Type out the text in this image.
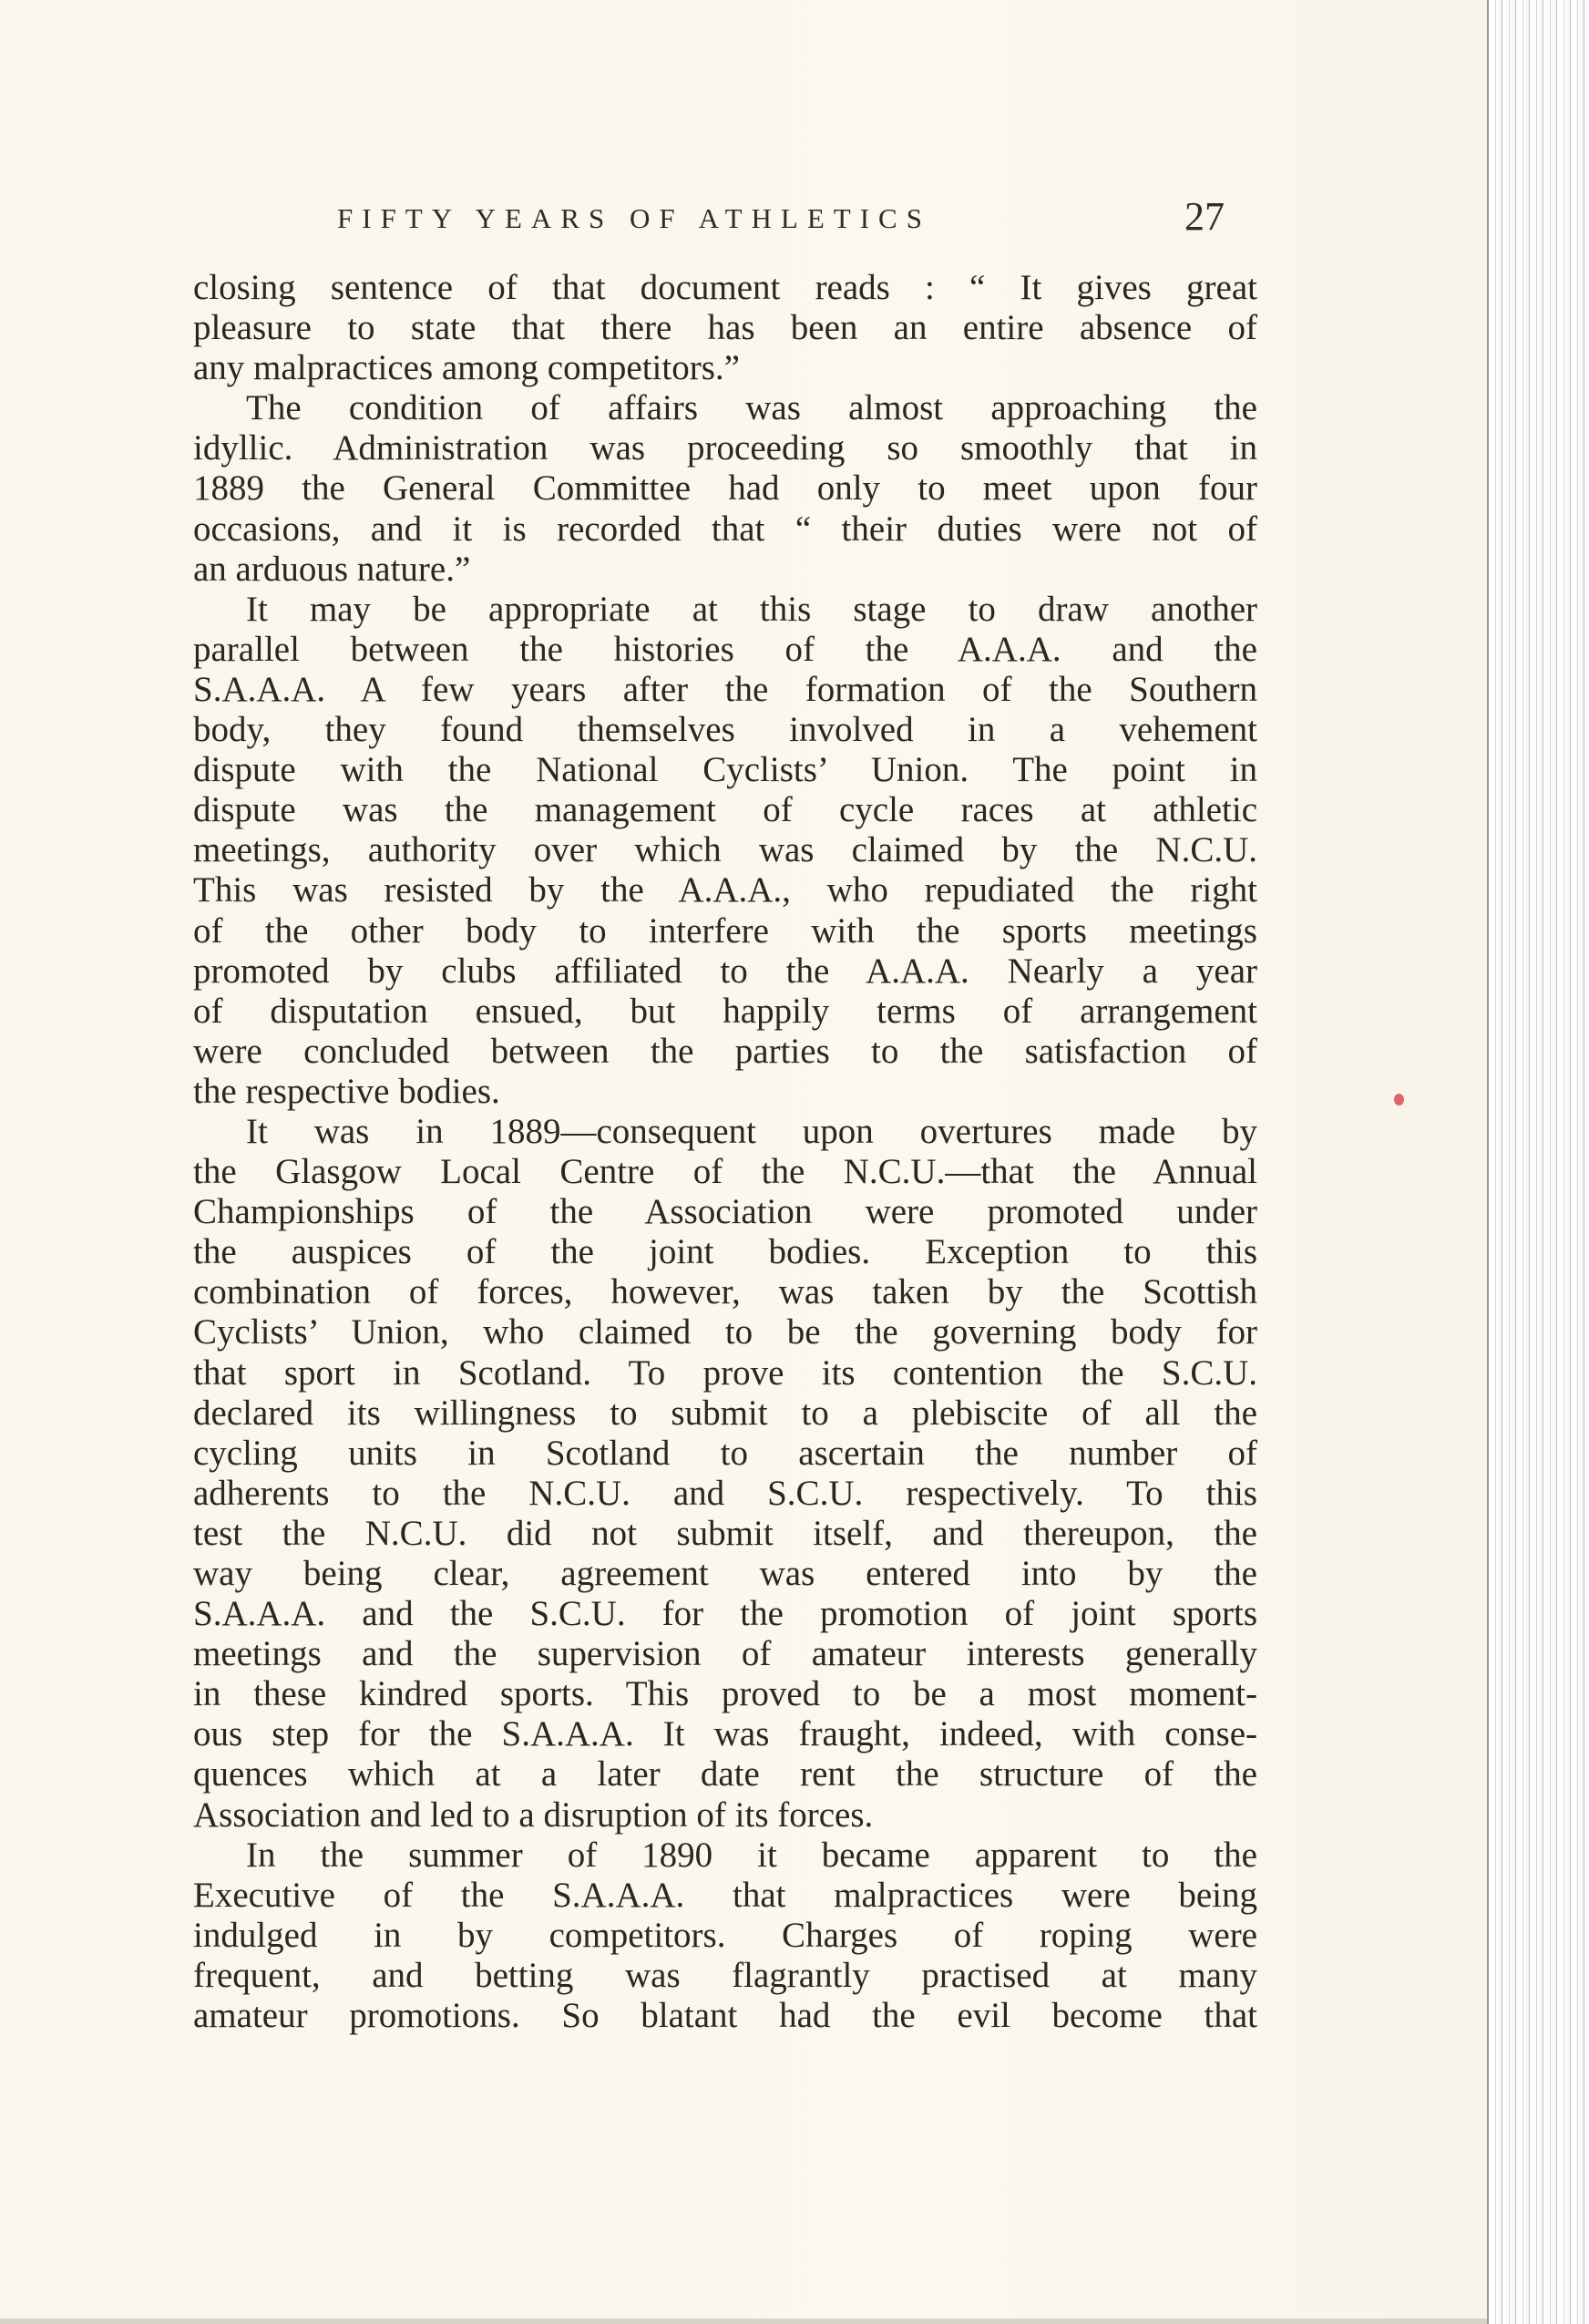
FIFTY YEARS OF ATHLETICS	27
closing sentence of that document reads : “ It gives great
pleasure to state that there has been an entire absence of
any malpractices among competitors.”
The condition of affairs was almost approaching the
idyllic. Administration was proceeding so smoothly that in
1889 the General Committee had only to meet upon four
occasions, and it is recorded that “ their duties were not of
an arduous nature.”
It may be appropriate at this stage to draw another
parallel between the histories of the A.A.A. and the
S.A.A.A. A few years after the formation of the Southern
body, they found themselves involved in a vehement
dispute with the National Cyclists’ Union. The point in
dispute was the management of cycle races at athletic
meetings, authority over which was claimed by the N.C.U.
This was resisted by the A.A.A., who repudiated the right
of the other body to interfere with the sports meetings
promoted by clubs affiliated to the A.A.A. Nearly a year
of disputation ensued, but happily terms of arrangement
were concluded between the parties to the satisfaction of
the respective bodies.
It was in 1889—consequent upon overtures made by
the Glasgow Local Centre of the N.C.U.—that the Annual
Championships of the Association were promoted under
the auspices of the joint bodies. Exception to this
combination of forces, however, was taken by the Scottish
Cyclists’ Union, who claimed to be the governing body for
that sport in Scotland. To prove its contention the S.C.U.
declared its willingness to submit to a plebiscite of all the
cycling units in Scotland to ascertain the number of
adherents to the N.C.U. and S.C.U. respectively. To this
test the N.C.U. did not submit itself, and thereupon, the
way being clear, agreement was entered into by the
S.A.A.A. and the S.C.U. for the promotion of joint sports
meetings and the supervision of amateur interests generally
in these kindred sports. This proved to be a most moment-
ous step for the S.A.A.A. It was fraught, indeed, with conse-
quences which at a later date rent the structure of the
Association and led to a disruption of its forces.
In the summer of 1890 it became apparent to the
Executive of the S.A.A.A. that malpractices were being
indulged in by competitors. Charges of roping were
frequent, and betting was flagrantly practised at many
amateur promotions. So blatant had the evil become that
